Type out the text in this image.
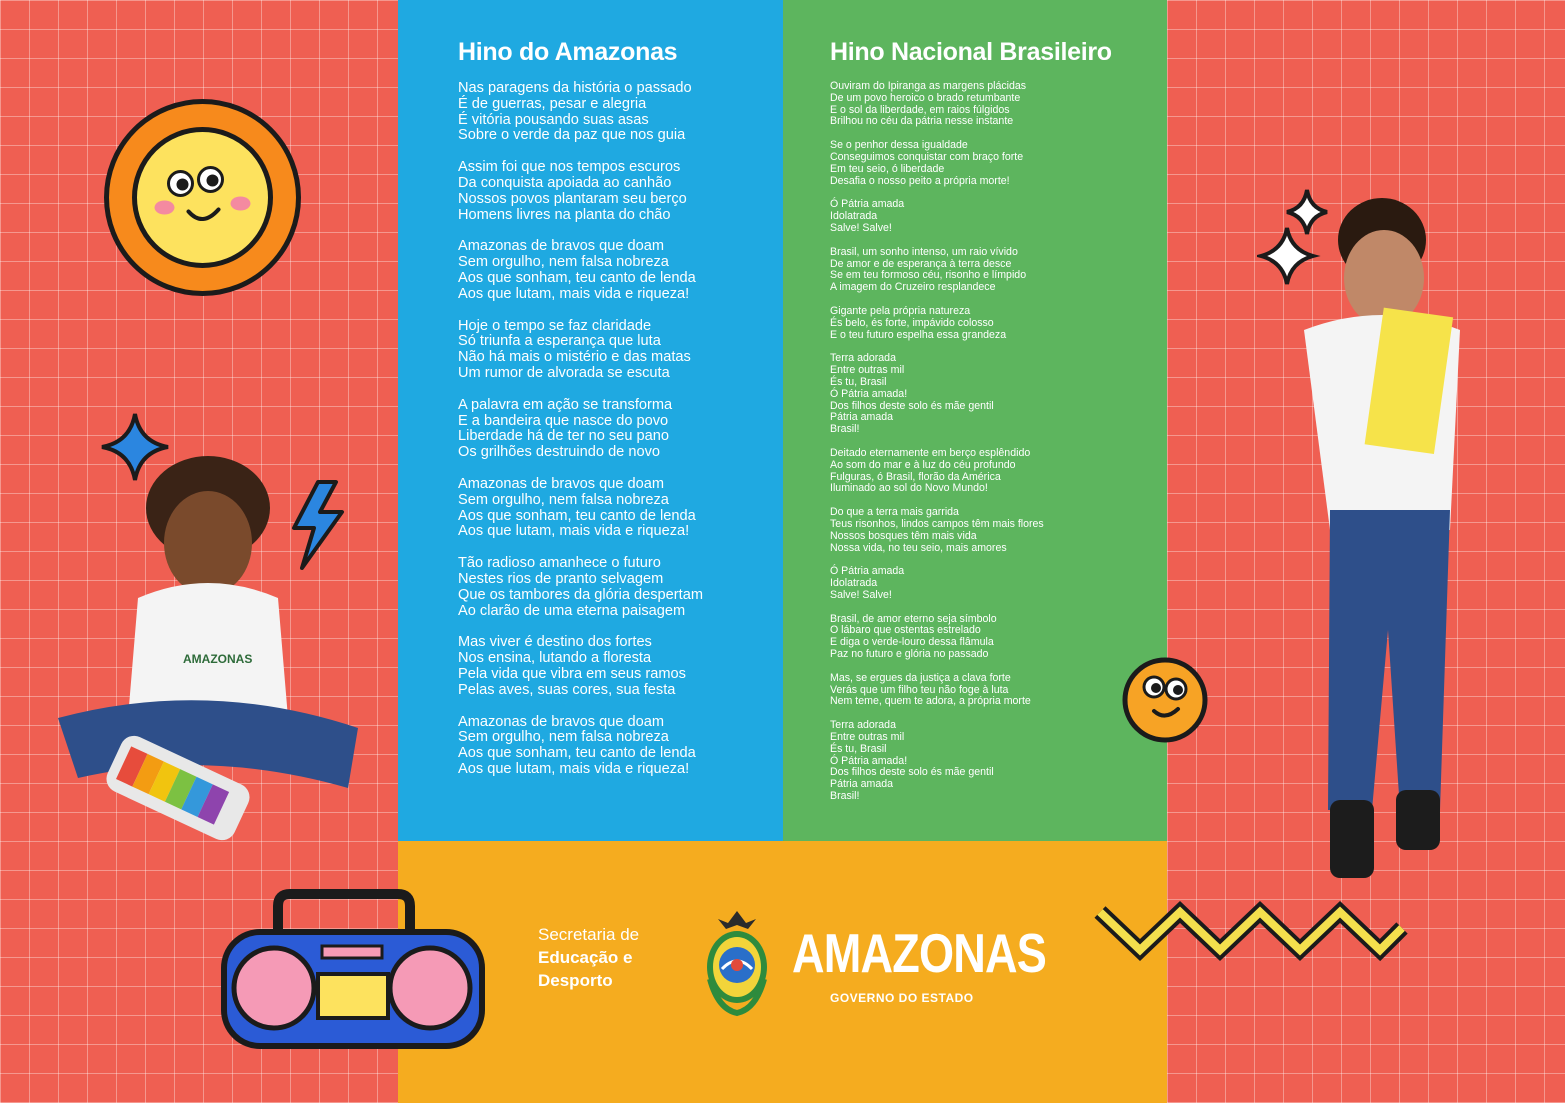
Hino do Amazonas
Nas paragens da história o passado
É de guerras, pesar e alegria
É vitória pousando suas asas
Sobre o verde da paz que nos guia
Assim foi que nos tempos escuros
Da conquista apoiada ao canhão
Nossos povos plantaram seu berço
Homens livres na planta do chão
Amazonas de bravos que doam
Sem orgulho, nem falsa nobreza
Aos que sonham, teu canto de lenda
Aos que lutam, mais vida e riqueza!
Hoje o tempo se faz claridade
Só triunfa a esperança que luta
Não há mais o mistério e das matas
Um rumor de alvorada se escuta
A palavra em ação se transforma
E a bandeira que nasce do povo
Liberdade há de ter no seu pano
Os grilhões destruindo de novo
Amazonas de bravos que doam
Sem orgulho, nem falsa nobreza
Aos que sonham, teu canto de lenda
Aos que lutam, mais vida e riqueza!
Tão radioso amanhece o futuro
Nestes rios de pranto selvagem
Que os tambores da glória despertam
Ao clarão de uma eterna paisagem
Mas viver é destino dos fortes
Nos ensina, lutando a floresta
Pela vida que vibra em seus ramos
Pelas aves, suas cores, sua festa
Amazonas de bravos que doam
Sem orgulho, nem falsa nobreza
Aos que sonham, teu canto de lenda
Aos que lutam, mais vida e riqueza!
Hino Nacional Brasileiro
Ouviram do Ipiranga as margens plácidas
De um povo heroico o brado retumbante
E o sol da liberdade, em raios fúlgidos
Brilhou no céu da pátria nesse instante
Se o penhor dessa igualdade
Conseguimos conquistar com braço forte
Em teu seio, ó liberdade
Desafia o nosso peito a própria morte!
Ó Pátria amada
Idolatrada
Salve! Salve!
Brasil, um sonho intenso, um raio vívido
De amor e de esperança à terra desce
Se em teu formoso céu, risonho e límpido
A imagem do Cruzeiro resplandece
Gigante pela própria natureza
És belo, és forte, impávido colosso
E o teu futuro espelha essa grandeza
Terra adorada
Entre outras mil
És tu, Brasil
Ó Pátria amada!
Dos filhos deste solo és mãe gentil
Pátria amada
Brasil!
Deitado eternamente em berço esplêndido
Ao som do mar e à luz do céu profundo
Fulguras, ó Brasil, florão da América
Iluminado ao sol do Novo Mundo!
Do que a terra mais garrida
Teus risonhos, lindos campos têm mais flores
Nossos bosques têm mais vida
Nossa vida, no teu seio, mais amores
Ó Pátria amada
Idolatrada
Salve! Salve!
Brasil, de amor eterno seja símbolo
O lábaro que ostentas estrelado
E diga o verde-louro dessa flâmula
Paz no futuro e glória no passado
Mas, se ergues da justiça a clava forte
Verás que um filho teu não foge à luta
Nem teme, quem te adora, a própria morte
Terra adorada
Entre outras mil
És tu, Brasil
Ó Pátria amada!
Dos filhos deste solo és mãe gentil
Pátria amada
Brasil!
Secretaria de
Educação e
Desporto	AMAZONAS
GOVERNO DO ESTADO
AMAZONAS
